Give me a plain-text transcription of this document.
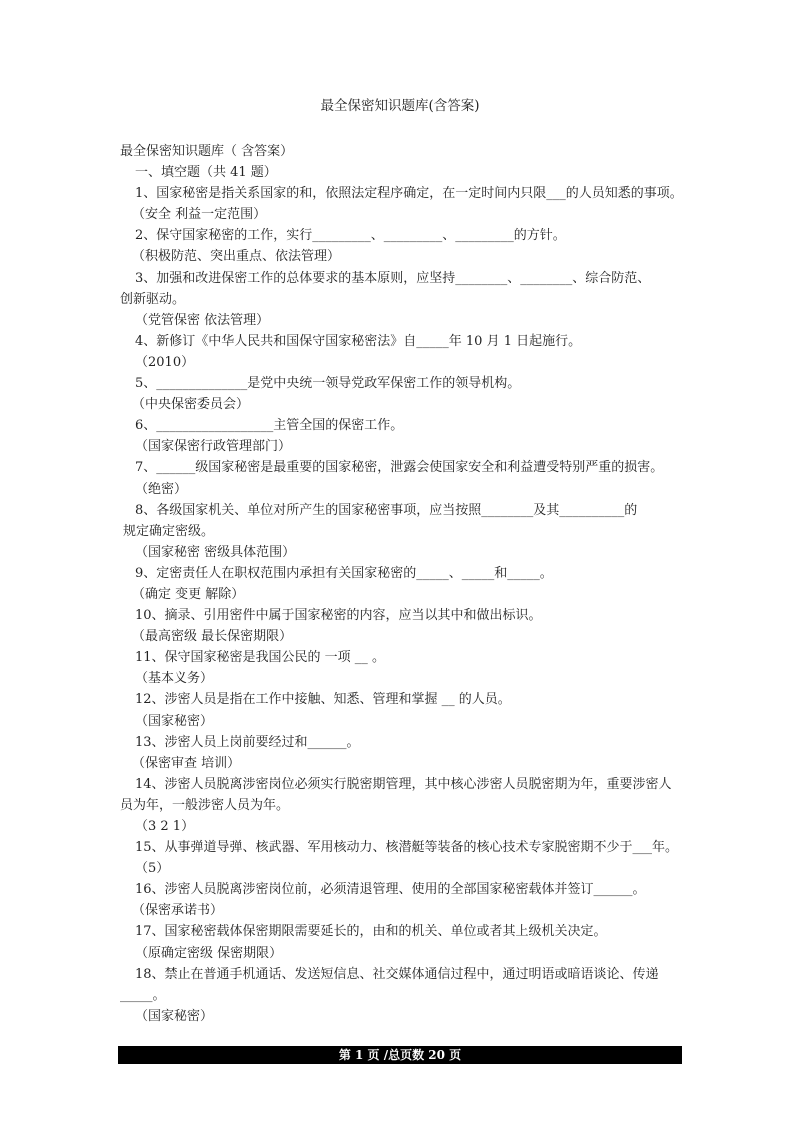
最全保密知识题库(含答案)
最全保密知识题库（ 含答案）
一、填空题（共 41 题）
1、国家秘密是指关系国家的和，依照法定程序确定，在一定时间内只限___的人员知悉的事项。
（安全 利益一定范围）
2、保守国家秘密的工作，实行_________、_________、_________的方针。
（积极防范、突出重点、依法管理）
3、加强和改进保密工作的总体要求的基本原则，应坚持________、________、综合防范、
创新驱动。
（党管保密 依法管理）
4、新修订《中华人民共和国保守国家秘密法》自_____年 10 月 1 日起施行。
（2010）
5、______________是党中央统一领导党政军保密工作的领导机构。
（中央保密委员会）
6、__________________主管全国的保密工作。
（国家保密行政管理部门）
7、______级国家秘密是最重要的国家秘密，泄露会使国家安全和利益遭受特别严重的损害。
（绝密）
8、各级国家机关、单位对所产生的国家秘密事项，应当按照________及其__________的
规定确定密级。
（国家秘密 密级具体范围）
9、定密责任人在职权范围内承担有关国家秘密的_____、_____和_____。
（确定 变更 解除）
10、摘录、引用密件中属于国家秘密的内容，应当以其中和做出标识。
（最高密级 最长保密期限）
11、保守国家秘密是我国公民的 一项 __ 。
（基本义务）
12、涉密人员是指在工作中接触、知悉、管理和掌握 __ 的人员。
（国家秘密）
13、涉密人员上岗前要经过和______。
（保密审查 培训）
14、涉密人员脱离涉密岗位必须实行脱密期管理，其中核心涉密人员脱密期为年，重要涉密人
员为年，一般涉密人员为年。
（3 2 1）
15、从事弹道导弹、核武器、军用核动力、核潜艇等装备的核心技术专家脱密期不少于___年。
（5）
16、涉密人员脱离涉密岗位前，必须清退管理、使用的全部国家秘密载体并签订______。
（保密承诺书）
17、国家秘密载体保密期限需要延长的，由和的机关、单位或者其上级机关决定。
（原确定密级 保密期限）
18、禁止在普通手机通话、发送短信息、社交媒体通信过程中，通过明语或暗语谈论、传递
_____。
（国家秘密）
第 1 页 /总页数 20 页
